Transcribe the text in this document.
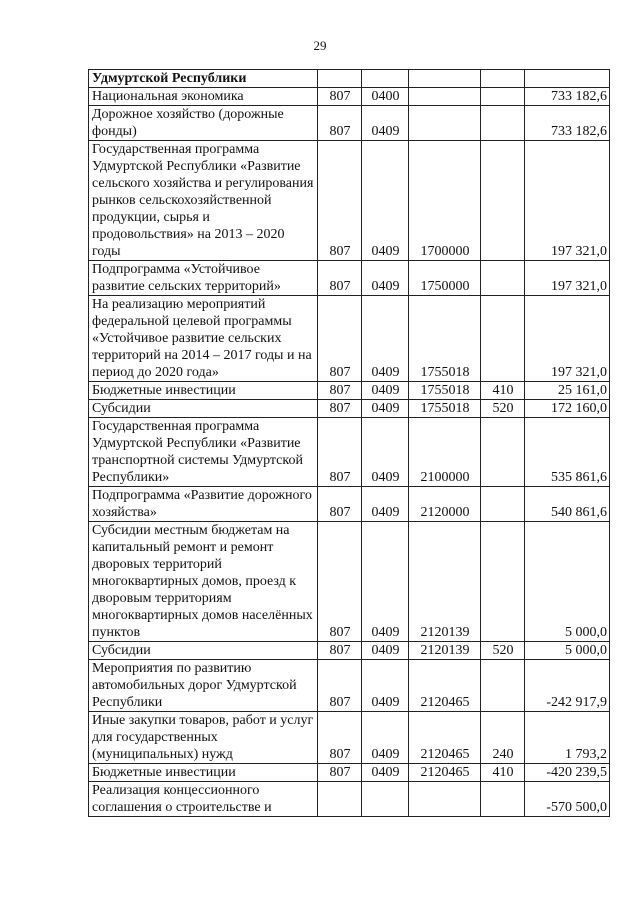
29
Удмуртской Республики					
Национальная экономика	807	0400			733 182,6
Дорожное хозяйство (дорожные фонды)	807	0409			733 182,6
Государственная программа Удмуртской Республики «Развитие сельского хозяйства и регулирования рынков сельскохозяйственной продукции, сырья и продовольствия» на 2013 – 2020 годы	807	0409	1700000		197 321,0
Подпрограмма «Устойчивое развитие сельских территорий»	807	0409	1750000		197 321,0
На реализацию мероприятий федеральной целевой программы «Устойчивое развитие сельских территорий на 2014 – 2017 годы и на период до 2020 года»	807	0409	1755018		197 321,0
Бюджетные инвестиции	807	0409	1755018	410	25 161,0
Субсидии	807	0409	1755018	520	172 160,0
Государственная программа Удмуртской Республики «Развитие транспортной системы Удмуртской Республики»	807	0409	2100000		535 861,6
Подпрограмма «Развитие дорожного хозяйства»	807	0409	2120000		540 861,6
Субсидии местным бюджетам на капитальный ремонт и ремонт дворовых территорий многоквартирных домов, проезд к дворовым территориям многоквартирных домов населённых пунктов	807	0409	2120139		5 000,0
Субсидии	807	0409	2120139	520	5 000,0
Мероприятия по развитию автомобильных дорог Удмуртской Республики	807	0409	2120465		-242 917,9
Иные закупки товаров, работ и услуг для государственных (муниципальных) нужд	807	0409	2120465	240	1 793,2
Бюджетные инвестиции	807	0409	2120465	410	-420 239,5
Реализация концессионного соглашения о строительстве и					-570 500,0
